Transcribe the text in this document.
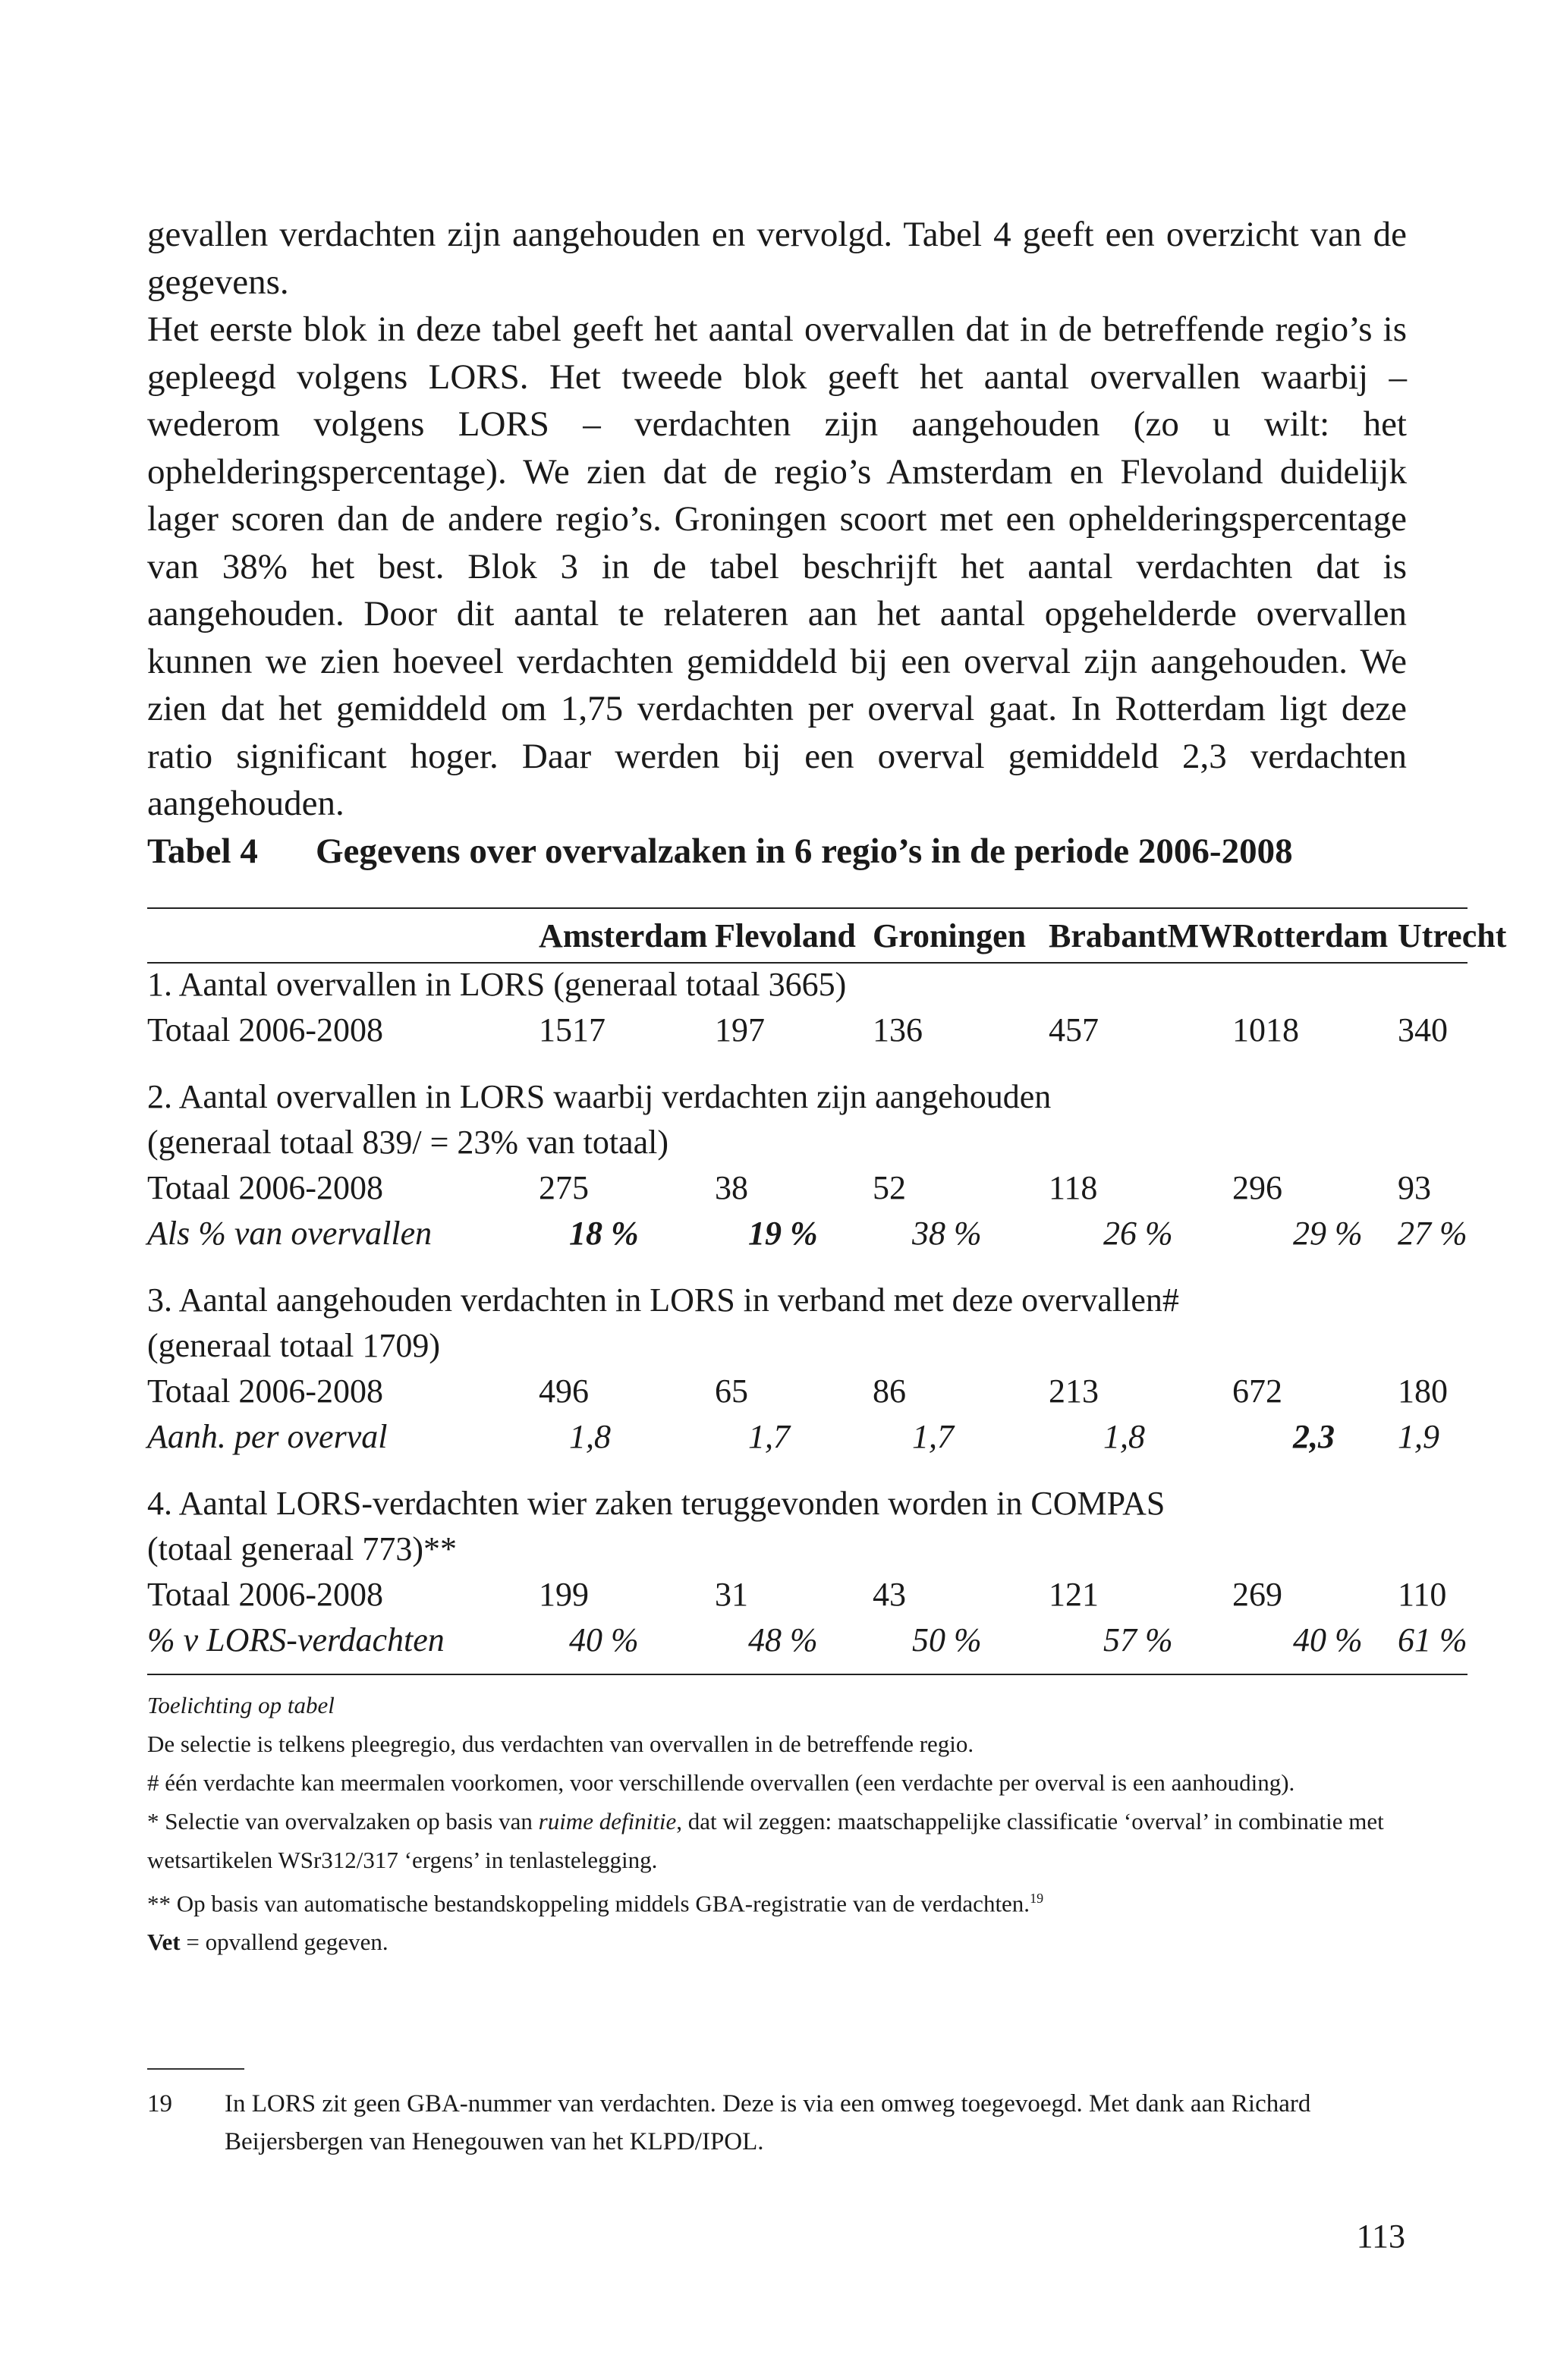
gevallen verdachten zijn aangehouden en vervolgd. Tabel 4 geeft een overzicht van de gegevens.

Het eerste blok in deze tabel geeft het aantal overvallen dat in de betreffende regio’s is gepleegd volgens LORS. Het tweede blok geeft het aantal overvallen waarbij – wederom volgens LORS – verdachten zijn aangehouden (zo u wilt: het ophelderingspercentage). We zien dat de regio’s Amsterdam en Flevoland duidelijk lager scoren dan de andere regio’s. Groningen scoort met een ophelderingspercentage van 38% het best. Blok 3 in de tabel beschrijft het aantal verdachten dat is aangehouden. Door dit aantal te relateren aan het aantal opgehelderde overvallen kunnen we zien hoeveel verdachten gemiddeld bij een overval zijn aangehouden. We zien dat het gemiddeld om 1,75 verdachten per overval gaat. In Rotterdam ligt deze ratio significant hoger. Daar werden bij een overval gemiddeld 2,3 verdachten aangehouden.

Tabel 4 Gegevens over overvalzaken in 6 regio’s in de periode 2006-2008
	Amsterdam	Flevoland	Groningen	BrabantMW	Rotterdam	Utrecht
1. Aantal overvallen in LORS (generaal totaal 3665)						
Totaal 2006-2008	1517	197	136	457	1018	340

2. Aantal overvallen in LORS waarbij verdachten zijn aangehouden						
(generaal totaal 839/ = 23% van totaal)						
Totaal 2006-2008	275	38	52	118	296	93
Als % van overvallen	18 %	19 %	38 %	26 %	29 %	27 %

3. Aantal aangehouden verdachten in LORS in verband met deze overvallen#						
(generaal totaal 1709)						
Totaal 2006-2008	496	65	86	213	672	180
Aanh. per overval	1,8	1,7	1,7	1,8	2,3	1,9

4. Aantal LORS-verdachten wier zaken teruggevonden worden in COMPAS						
(totaal generaal 773)**						
Totaal 2006-2008	199	31	43	121	269	110
% v LORS-verdachten	40 %	48 %	50 %	57 %	40 %	61 %

Toelichting op tabel

De selectie is telkens pleegregio, dus verdachten van overvallen in de betreffende regio.

# één verdachte kan meermalen voorkomen, voor verschillende overvallen (een verdachte per overval is een aanhouding).

* Selectie van overvalzaken op basis van ruime definitie, dat wil zeggen: maatschappelijke classificatie ‘overval’ in combinatie met wetsartikelen WSr312/317 ‘ergens’ in tenlastelegging.

** Op basis van automatische bestandskoppeling middels GBA-registratie van de verdachten.$^{19}$

Vet = opvallend gegeven.

19 In LORS zit geen GBA-nummer van verdachten. Deze is via een omweg toegevoegd. Met dank aan Richard Beijersbergen van Henegouwen van het KLPD/IPOL.
113
